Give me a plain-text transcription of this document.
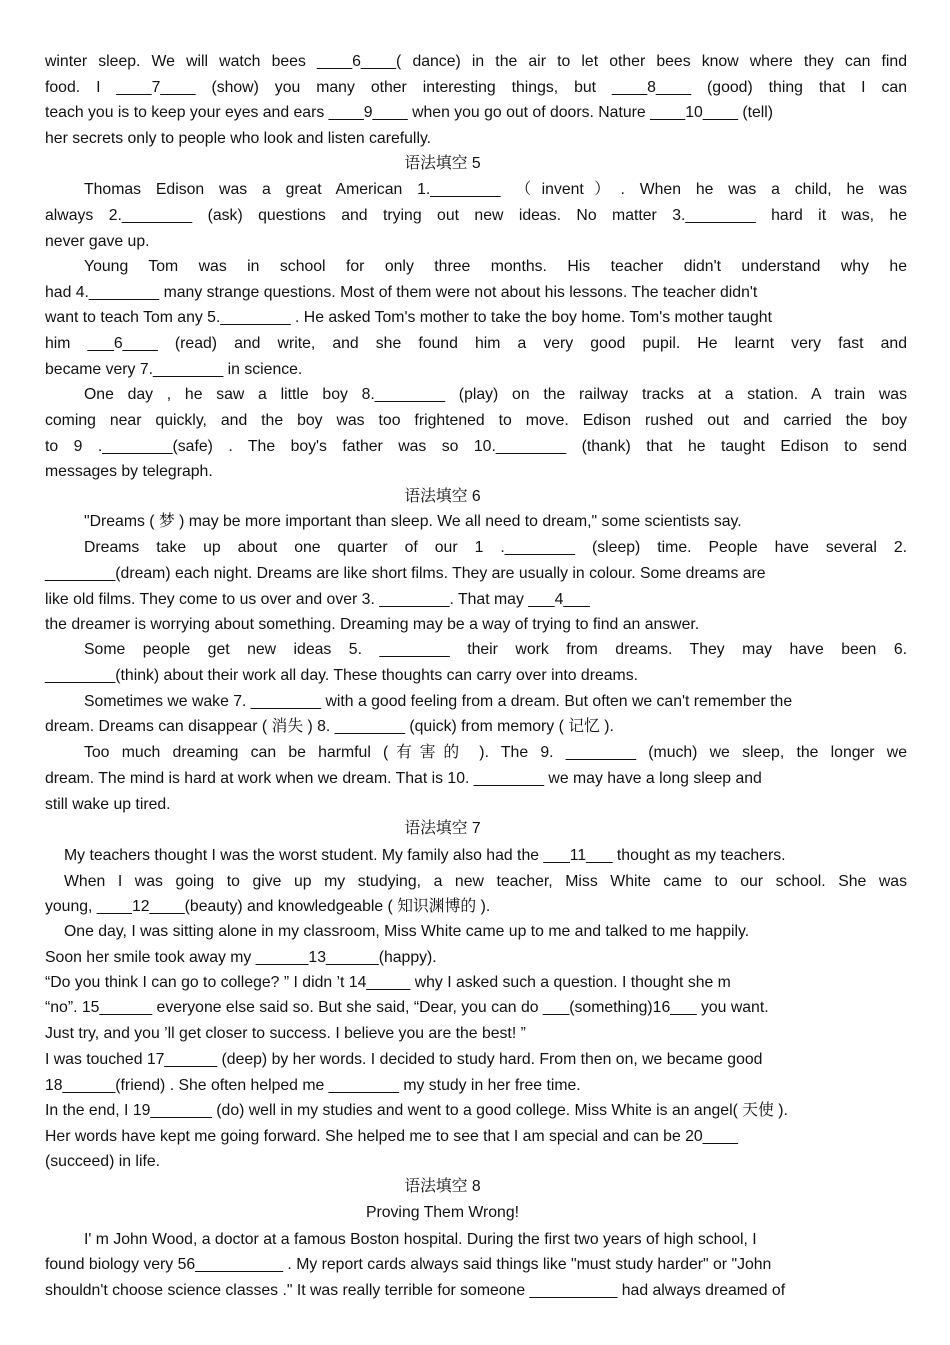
winter sleep. We will watch bees ____6____( dance) in the air to let other bees know where they can find
food. I ____7____ (show) you many other interesting things, but ____8____ (good) thing that I can
teach you is to keep your eyes and ears ____9____ when you go out of doors. Nature ____10____ (tell)
her secrets only to people who look and listen carefully.
语法填空 5
Thomas Edison was a great American 1.________ （invent）. When he was a child, he was
always 2.________ (ask) questions and trying out new ideas. No matter 3.________ hard it was, he
never gave up.
Young Tom was in school for only three months. His teacher didn't understand why he
had 4.________ many strange questions. Most of them were not about his lessons. The teacher didn't
want to teach Tom any 5.________ . He asked Tom's mother to take the boy home. Tom's mother taught
him ___6____ (read) and write, and she found him a very good pupil. He learnt very fast and
became very 7.________ in science.
One day , he saw a little boy 8.________ (play) on the railway tracks at a station. A train was
coming near quickly, and the boy was too frightened to move. Edison rushed out and carried the boy
to 9 .________(safe) . The boy's father was so 10.________ (thank) that he taught Edison to send
messages by telegraph.
语法填空 6
"Dreams ( 梦 ) may be more important than sleep. We all need to dream," some scientists say.
Dreams take up about one quarter of our 1 .________ (sleep) time. People have several 2.
________(dream) each night. Dreams are like short films. They are usually in colour. Some dreams are
like old films. They come to us over and over 3. ________. That may ___4___
the dreamer is worrying about something. Dreaming may be a way of trying to find an answer.
Some people get new ideas 5. ________ their work from dreams. They may have been 6.
________(think) about their work all day. These thoughts can carry over into dreams.
Sometimes we wake 7. ________ with a good feeling from a dream. But often we can't remember the
dream. Dreams can disappear ( 消失 ) 8. ________ (quick) from memory ( 记忆 ).
Too much dreaming can be harmful (有害的 ). The 9. ________ (much) we sleep, the longer we
dream. The mind is hard at work when we dream. That is 10. ________ we may have a long sleep and
still wake up tired.
语法填空 7
My teachers thought I was the worst student. My family also had the ___11___ thought as my teachers.
When I was going to give up my studying, a new teacher, Miss White came to our school. She was
young, ____12____(beauty) and knowledgeable ( 知识渊博的 ).
One day, I was sitting alone in my classroom, Miss White came up to me and talked to me happily.
Soon her smile took away my ______13______(happy).
“Do you think I can go to college? ” I didn ’t 14_____ why I asked such a question. I thought she m
“no”. 15______ everyone else said so. But she said, “Dear, you can do ___(something)16___ you want.
Just try, and you ’ll get closer to success. I believe you are the best! ”
I was touched 17______ (deep) by her words. I decided to study hard. From then on, we became good
18______(friend) . She often helped me ________ my study in her free time.
In the end, I 19_______ (do) well in my studies and went to a good college. Miss White is an angel( 天使 ).
Her words have kept me going forward. She helped me to see that I am special and can be 20____
(succeed) in life.
语法填空 8
Proving Them Wrong!
I' m John Wood, a doctor at a famous Boston hospital. During the first two years of high school, I
found biology very 56__________ . My report cards always said things like "must study harder" or "John
shouldn't choose science classes ." It was really terrible for someone __________ had always dreamed of
